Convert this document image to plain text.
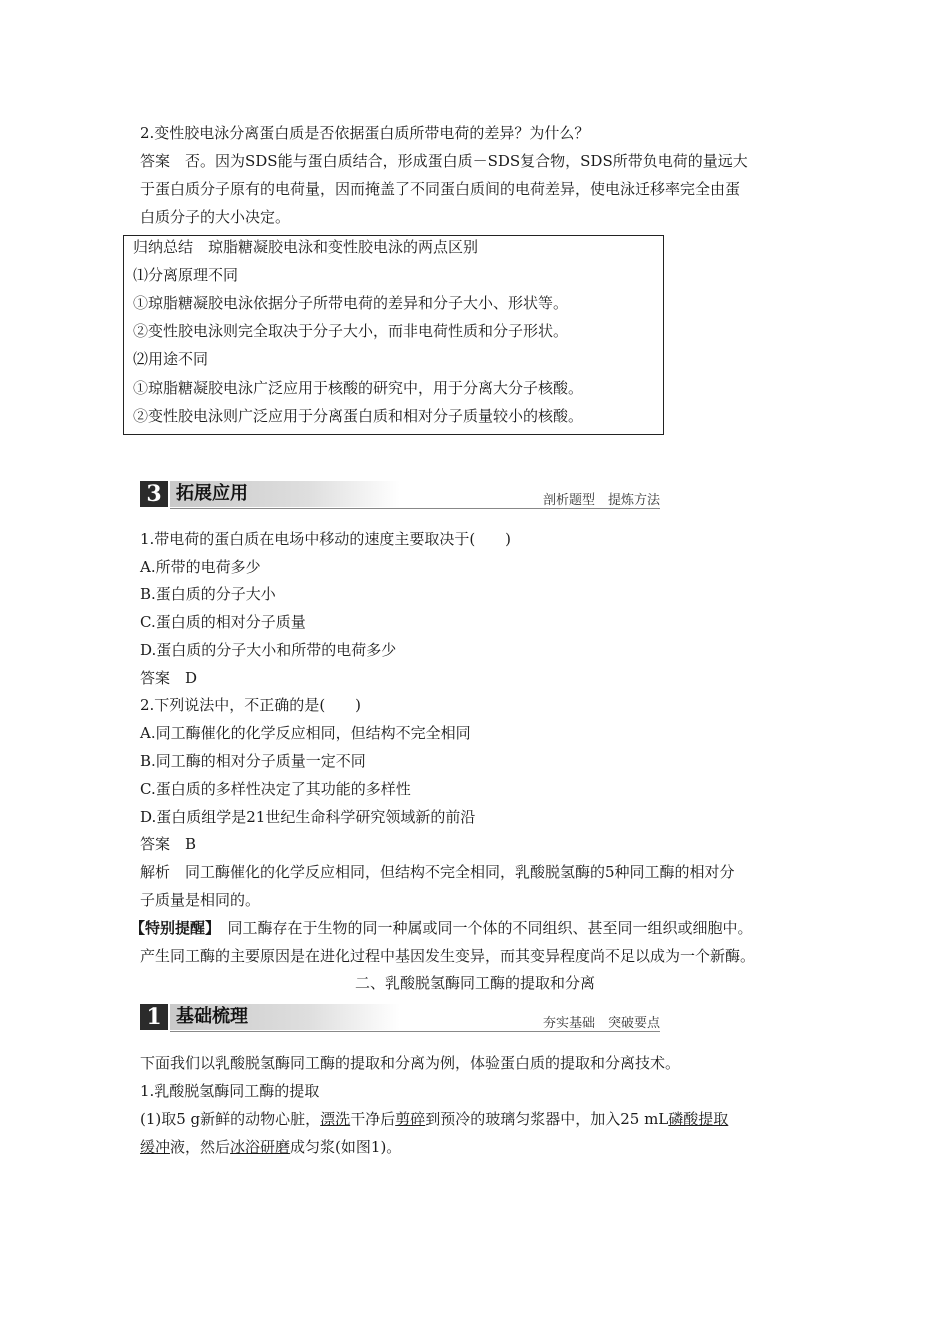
2.变性胶电泳分离蛋白质是否依据蛋白质所带电荷的差异？为什么？
答案　否。因为SDS能与蛋白质结合，形成蛋白质－SDS复合物，SDS所带负电荷的量远大
于蛋白质分子原有的电荷量，因而掩盖了不同蛋白质间的电荷差异，使电泳迁移率完全由蛋
白质分子的大小决定。
归纳总结　琼脂糖凝胶电泳和变性胶电泳的两点区别
⑴分离原理不同
①琼脂糖凝胶电泳依据分子所带电荷的差异和分子大小、形状等。
②变性胶电泳则完全取决于分子大小，而非电荷性质和分子形状。
⑵用途不同
①琼脂糖凝胶电泳广泛应用于核酸的研究中，用于分离大分子核酸。
②变性胶电泳则广泛应用于分离蛋白质和相对分子质量较小的核酸。
3 拓展应用	剖析题型　提炼方法
1.带电荷的蛋白质在电场中移动的速度主要取决于(　　)
A.所带的电荷多少
B.蛋白质的分子大小
C.蛋白质的相对分子质量
D.蛋白质的分子大小和所带的电荷多少
答案　D
2.下列说法中，不正确的是(　　)
A.同工酶催化的化学反应相同，但结构不完全相同
B.同工酶的相对分子质量一定不同
C.蛋白质的多样性决定了其功能的多样性
D.蛋白质组学是21世纪生命科学研究领域新的前沿
答案　B
解析　同工酶催化的化学反应相同，但结构不完全相同，乳酸脱氢酶的5种同工酶的相对分
子质量是相同的。
【特别提醒】　 同工酶存在于生物的同一种属或同一个体的不同组织、甚至同一组织或细胞中。
产生同工酶的主要原因是在进化过程中基因发生变异，而其变异程度尚不足以成为一个新酶。
二、乳酸脱氢酶同工酶的提取和分离
1 基础梳理	夯实基础　突破要点
下面我们以乳酸脱氢酶同工酶的提取和分离为例，体验蛋白质的提取和分离技术。
1.乳酸脱氢酶同工酶的提取
(1)取5 g新鲜的动物心脏，漂洗干净后剪碎到预冷的玻璃匀浆器中，加入25 mL磷酸提取
缓冲液，然后冰浴研磨成匀浆(如图1)。
